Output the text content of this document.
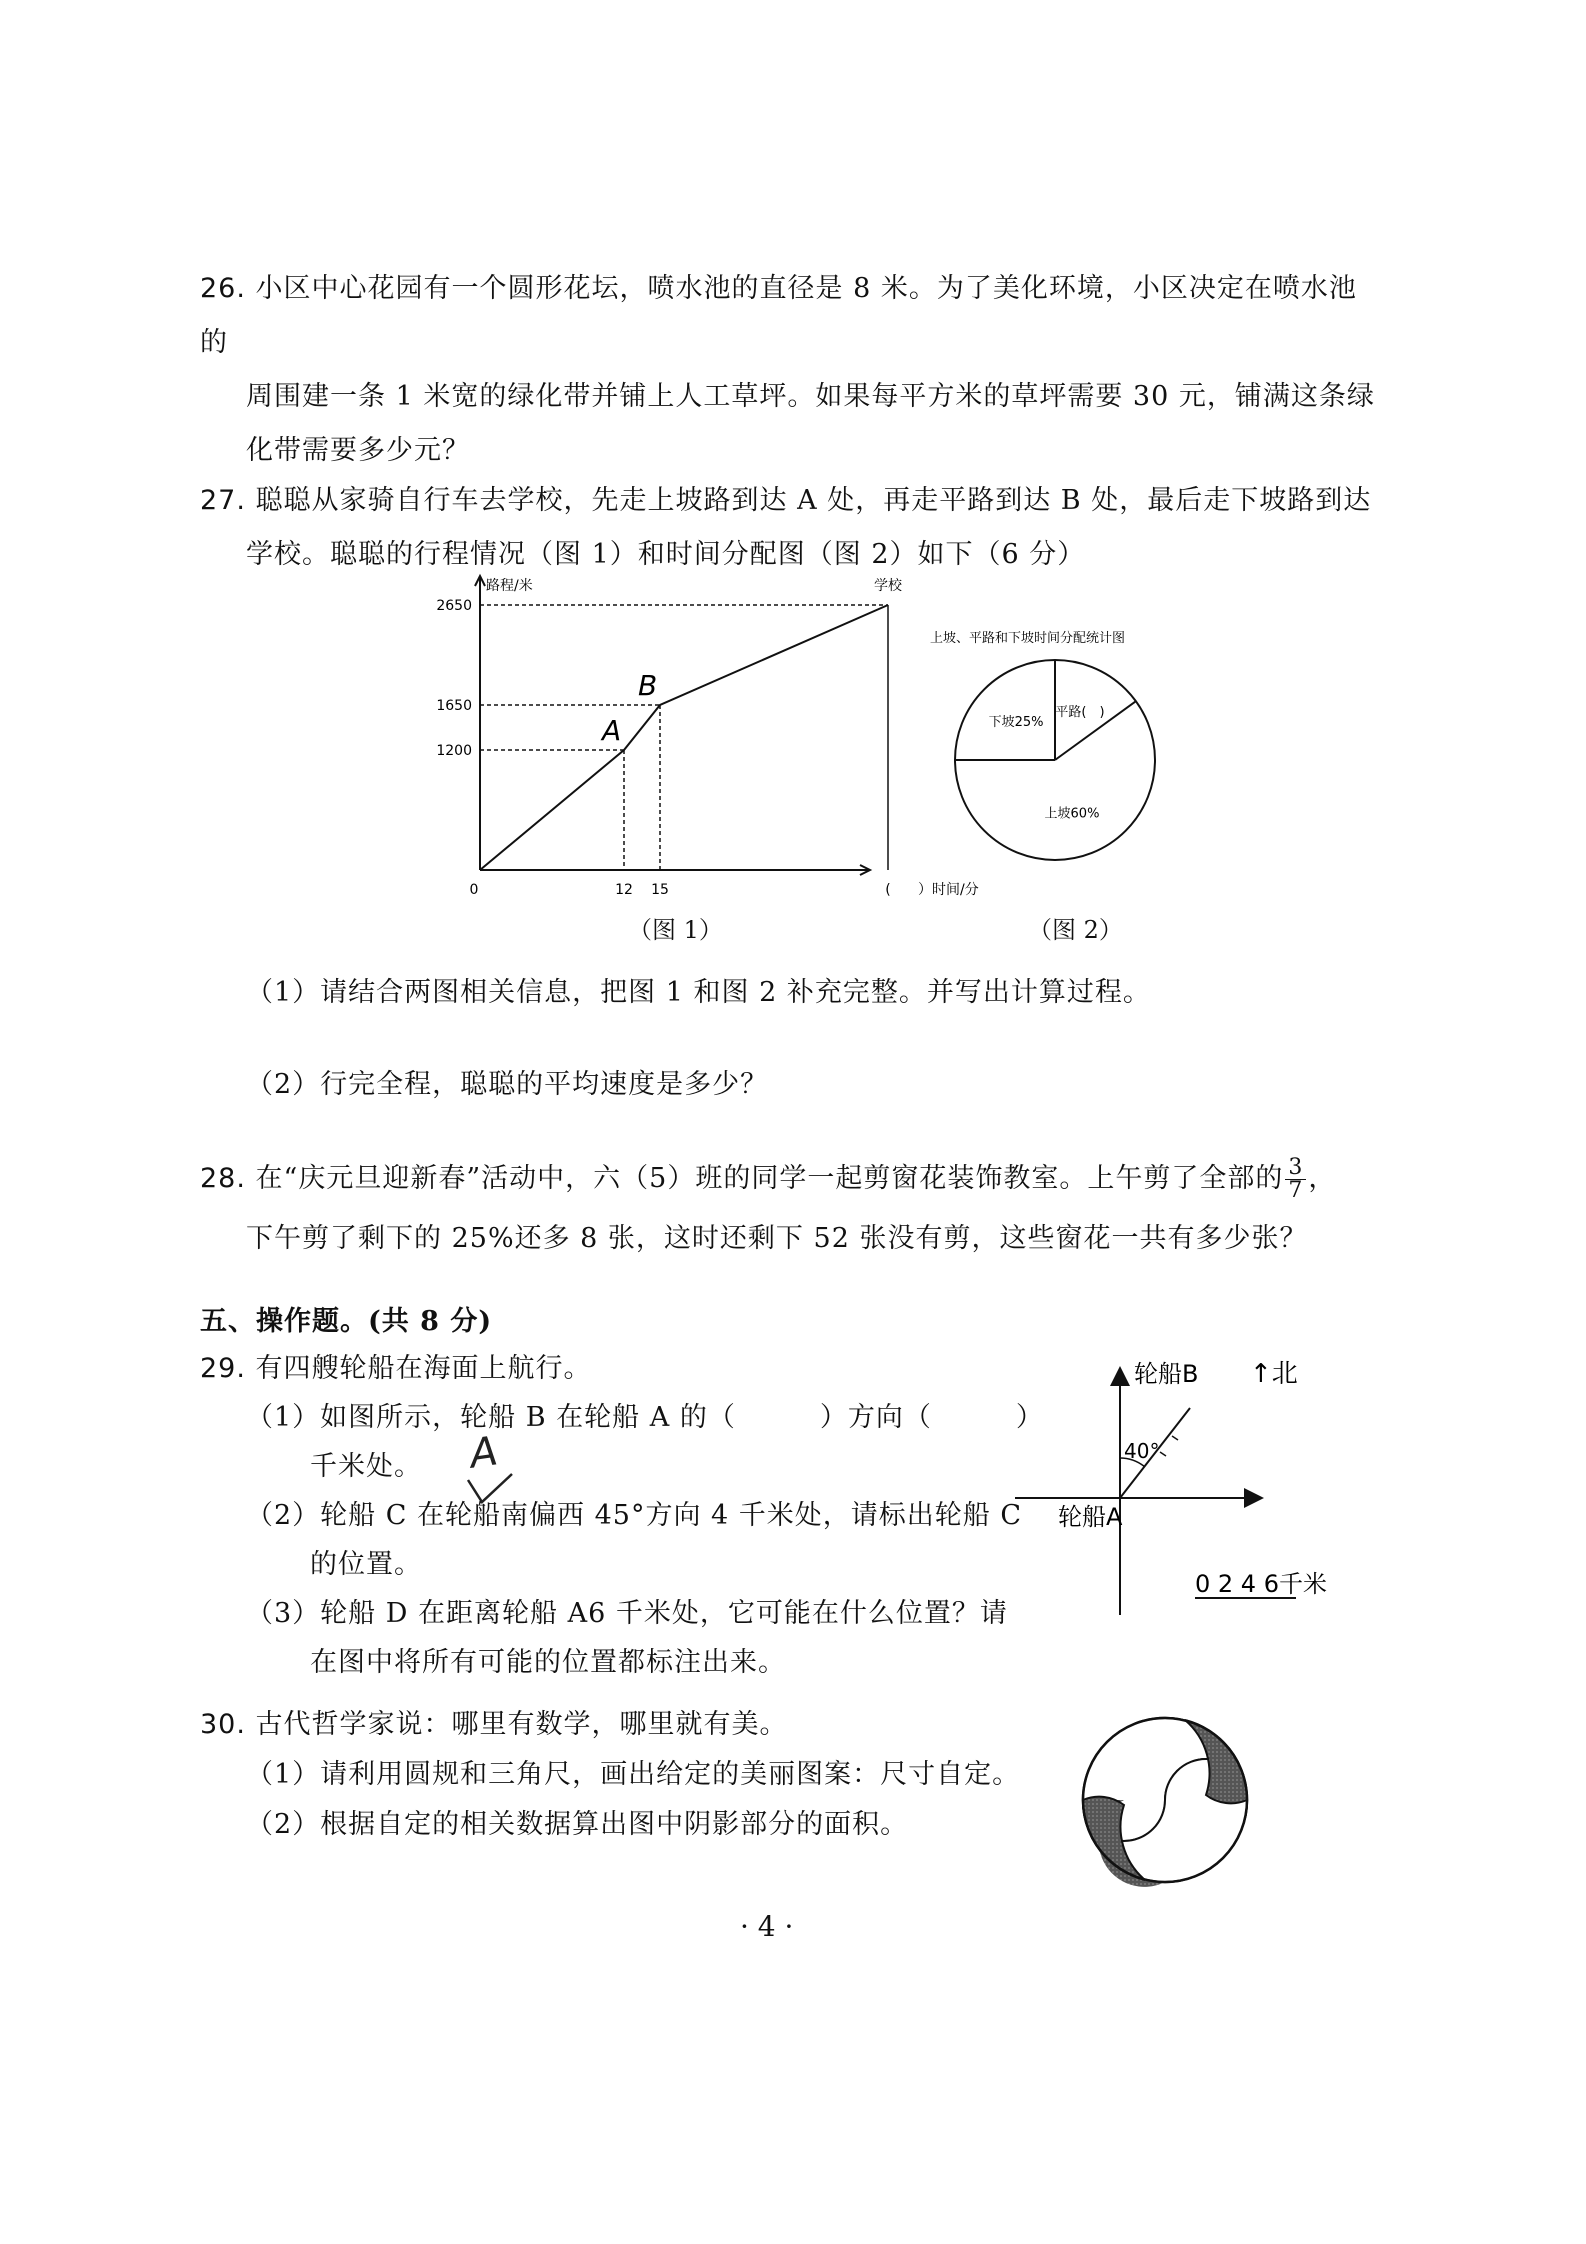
26. 小区中心花园有一个圆形花坛，喷水池的直径是 8 米。为了美化环境，小区决定在喷水池的

周围建一条 1 米宽的绿化带并铺上人工草坪。如果每平方米的草坪需要 30 元，铺满这条绿

化带需要多少元？

27. 聪聪从家骑自行车去学校，先走上坡路到达 A 处，再走平路到达 B 处，最后走下坡路到达

学校。聪聪的行程情况（图 1）和时间分配图（图 2）如下（6 分）

1200
1650
2650
0	12 15	(
路程/米
）时间/分
A
B
学校
（图 1）
上坡、平路和下坡时间分配统计图
平路(　)
上坡60%
下坡25%
（图 2）

（1）请结合两图相关信息，把图 1 和图 2 补充完整。并写出计算过程。

（2）行完全程，聪聪的平均速度是多少？

28. 在“庆元旦迎新春”活动中，六（5）班的同学一起剪窗花装饰教室。上午剪了全部的 $\frac{3}{7}$ ，

下午剪了剩下的 25%还多 8 张，这时还剩下 52 张没有剪，这些窗花一共有多少张？

五、操作题。(共 8 分)

29. 有四艘轮船在海面上航行。

（1）如图所示，轮船 B 在轮船 A 的（　　　）方向（　　　）

千米处。

（2）轮船 C 在轮船南偏西 45°方向 4 千米处，请标出轮船 C

的位置。

（3）轮船 D 在距离轮船 A6 千米处，它可能在什么位置？请

在图中将所有可能的位置都标注出来。

A
轮船B ↑北
40°
轮船A
0 2 4 6千米

30. 古代哲学家说：哪里有数学，哪里就有美。

（1）请利用圆规和三角尺，画出给定的美丽图案：尺寸自定。

（2）根据自定的相关数据算出图中阴影部分的面积。

· 4 ·
